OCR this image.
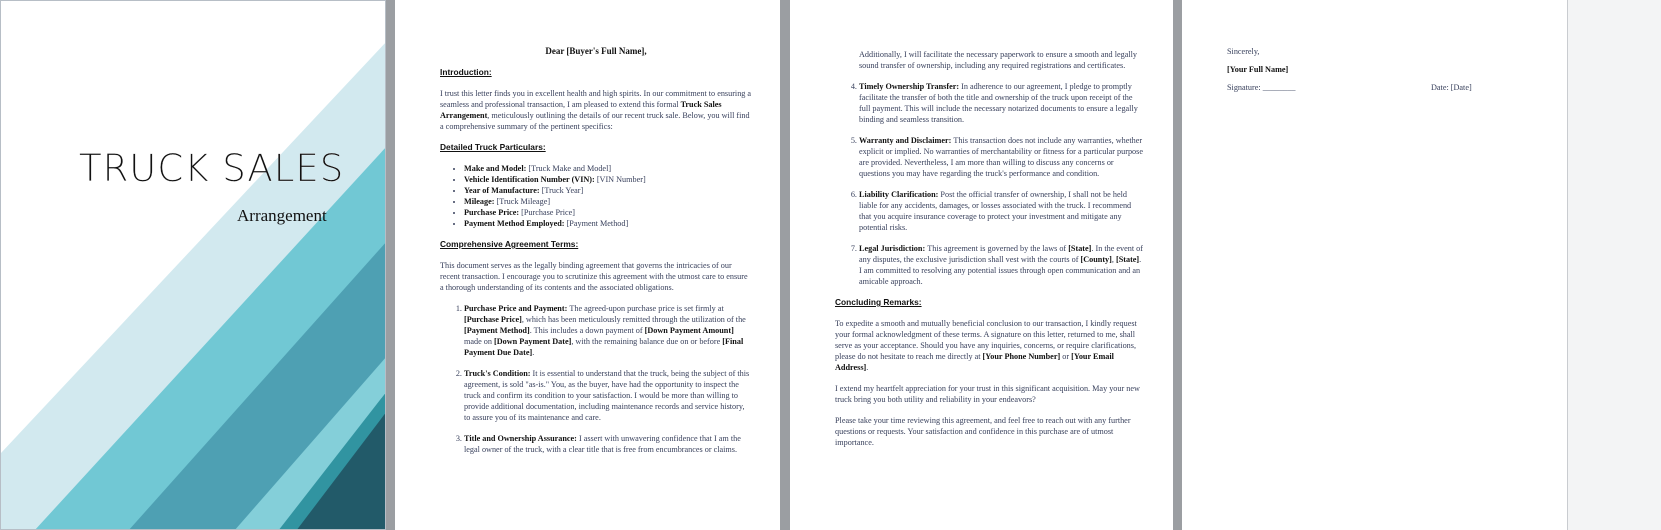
TRUCK SALES
Arrangement
Dear [Buyer's Full Name],
Introduction:

I trust this letter finds you in excellent health and high spirits. In our commitment to ensuring a seamless and professional transaction, I am pleased to extend this formal Truck Sales Arrangement, meticulously outlining the details of our recent truck sale. Below, you will find a comprehensive summary of the pertinent specifics:

Detailed Truck Particulars:
• Make and Model: [Truck Make and Model]
• Vehicle Identification Number (VIN): [VIN Number]
• Year of Manufacture: [Truck Year]
• Mileage: [Truck Mileage]
• Purchase Price: [Purchase Price]
• Payment Method Employed: [Payment Method]
Comprehensive Agreement Terms:

This document serves as the legally binding agreement that governs the intricacies of our recent transaction. I encourage you to scrutinize this agreement with the utmost care to ensure a thorough understanding of its contents and the associated obligations.

1. Purchase Price and Payment: The agreed-upon purchase price is set firmly at [Purchase Price], which has been meticulously remitted through the utilization of the [Payment Method]. This includes a down payment of [Down Payment Amount] made on [Down Payment Date], with the remaining balance due on or before [Final Payment Due Date].
2. Truck's Condition: It is essential to understand that the truck, being the subject of this agreement, is sold "as-is." You, as the buyer, have had the opportunity to inspect the truck and confirm its condition to your satisfaction. I would be more than willing to provide additional documentation, including maintenance records and service history, to assure you of its maintenance and care.
3. Title and Ownership Assurance: I assert with unwavering confidence that I am the legal owner of the truck, with a clear title that is free from encumbrances or claims.

Additionally, I will facilitate the necessary paperwork to ensure a smooth and legally sound transfer of ownership, including any required registrations and certificates.

4. Timely Ownership Transfer: In adherence to our agreement, I pledge to promptly facilitate the transfer of both the title and ownership of the truck upon receipt of the full payment. This will include the necessary notarized documents to ensure a legally binding and seamless transition.
5. Warranty and Disclaimer: This transaction does not include any warranties, whether explicit or implied. No warranties of merchantability or fitness for a particular purpose are provided. Nevertheless, I am more than willing to discuss any concerns or questions you may have regarding the truck's performance and condition.
6. Liability Clarification: Post the official transfer of ownership, I shall not be held liable for any accidents, damages, or losses associated with the truck. I recommend that you acquire insurance coverage to protect your investment and mitigate any potential risks.
7. Legal Jurisdiction: This agreement is governed by the laws of [State]. In the event of any disputes, the exclusive jurisdiction shall vest with the courts of [County], [State]. I am committed to resolving any potential issues through open communication and an amicable approach.
Concluding Remarks:

To expedite a smooth and mutually beneficial conclusion to our transaction, I kindly request your formal acknowledgment of these terms. A signature on this letter, returned to me, shall serve as your acceptance. Should you have any inquiries, concerns, or require clarifications, please do not hesitate to reach me directly at [Your Phone Number] or [Your Email Address].

I extend my heartfelt appreciation for your trust in this significant acquisition. May your new truck bring you both utility and reliability in your endeavors?

Please take your time reviewing this agreement, and feel free to reach out with any further questions or requests. Your satisfaction and confidence in this purchase are of utmost importance.

Sincerely,

[Your Full Name]

Signature: ________	Date: [Date]
